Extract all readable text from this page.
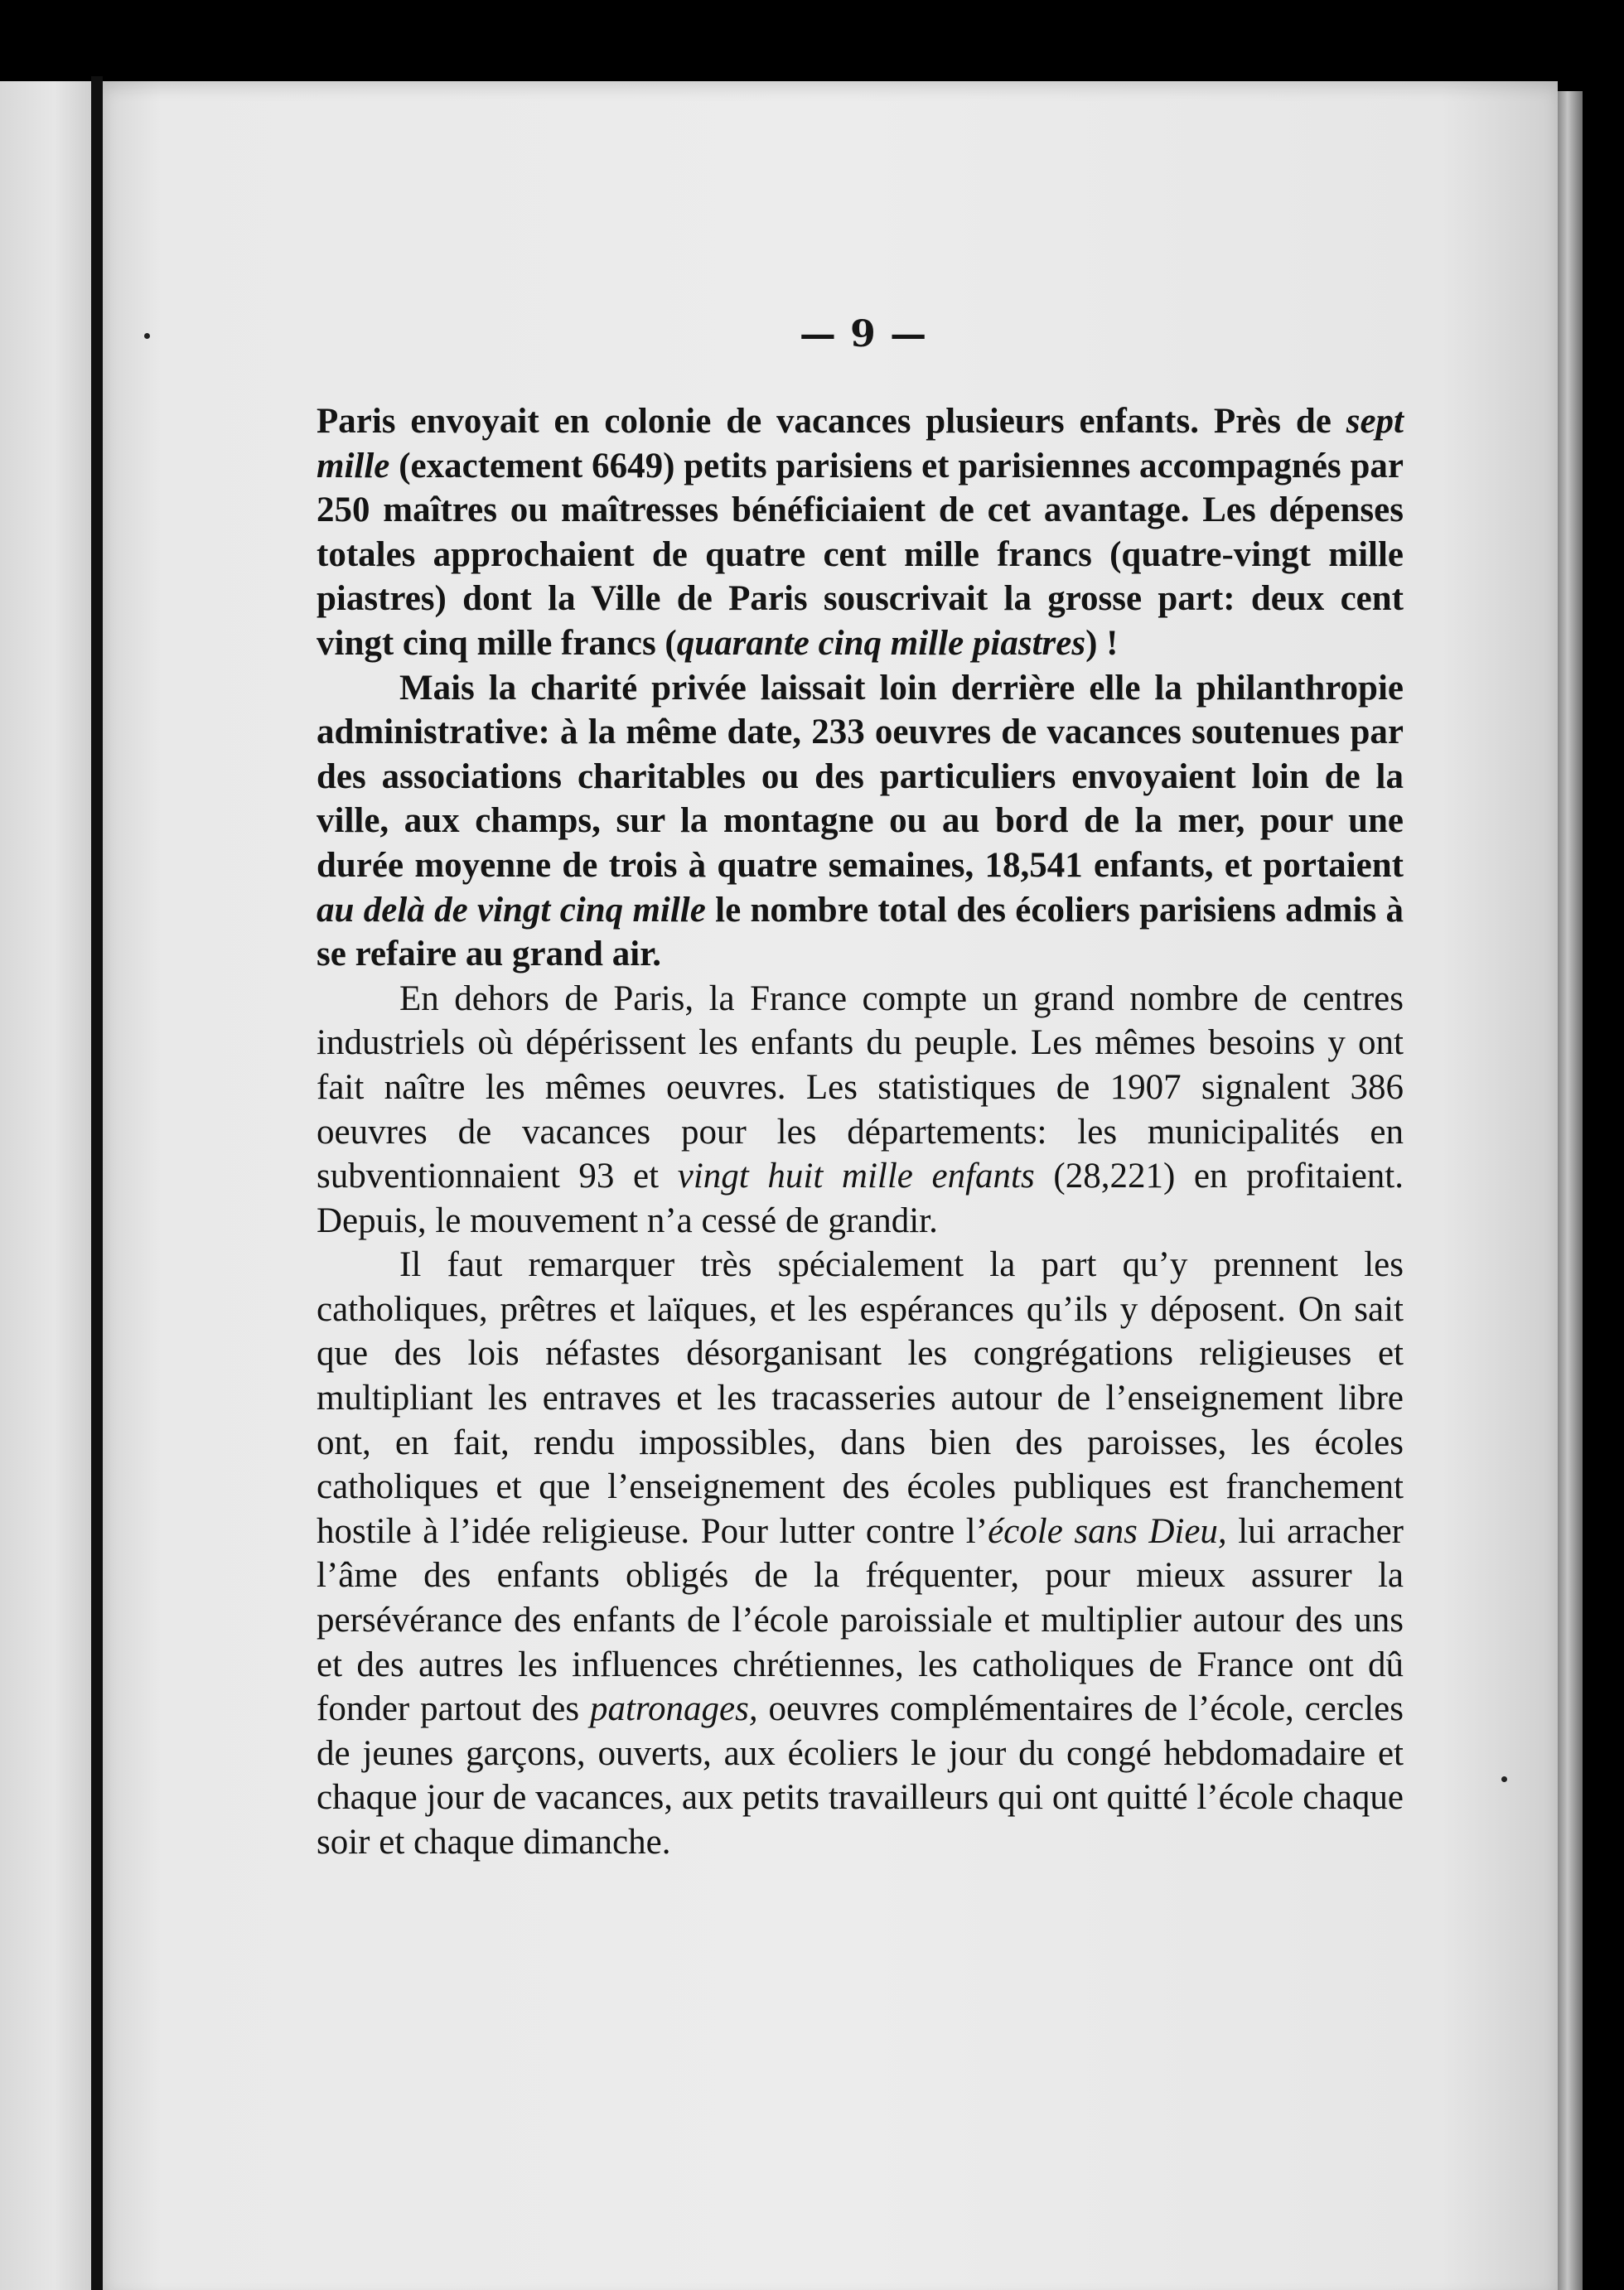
— 9 —

Paris envoyait en colonie de vacances plusieurs enfants. Près de sept mille (exactement 6649) petits parisiens et parisiennes accompagnés par 250 maîtres ou maîtresses bénéficiaient de cet avantage. Les dépenses totales approchaient de quatre cent mille francs (quatre-vingt mille piastres) dont la Ville de Paris souscrivait la grosse part: deux cent vingt cinq mille francs (quarante cinq mille piastres) !

Mais la charité privée laissait loin derrière elle la philanthropie administrative: à la même date, 233 oeuvres de vacances soutenues par des associations charitables ou des particuliers envoyaient loin de la ville, aux champs, sur la montagne ou au bord de la mer, pour une durée moyenne de trois à quatre semaines, 18,541 enfants, et portaient au delà de vingt cinq mille le nombre total des écoliers parisiens admis à se refaire au grand air.

En dehors de Paris, la France compte un grand nombre de centres industriels où dépérissent les enfants du peuple. Les mêmes besoins y ont fait naître les mêmes oeuvres. Les statistiques de 1907 signalent 386 oeuvres de vacances pour les départements: les municipalités en subventionnaient 93 et vingt huit mille enfants (28,221) en profitaient. Depuis, le mouvement n’a cessé de grandir.

Il faut remarquer très spécialement la part qu’y prennent les catholiques, prêtres et laïques, et les espérances qu’ils y déposent. On sait que des lois néfastes désorganisant les congrégations religieuses et multipliant les entraves et les tracasseries autour de l’enseignement libre ont, en fait, rendu impossibles, dans bien des paroisses, les écoles catholiques et que l’enseignement des écoles publiques est franchement hostile à l’idée religieuse. Pour lutter contre l’école sans Dieu, lui arracher l’âme des enfants obligés de la fréquenter, pour mieux assurer la persévérance des enfants de l’école paroissiale et multiplier autour des uns et des autres les influences chrétiennes, les catholiques de France ont dû fonder partout des patronages, oeuvres complémentaires de l’école, cercles de jeunes garçons, ouverts, aux écoliers le jour du congé hebdomadaire et chaque jour de vacances, aux petits travailleurs qui ont quitté l’école chaque soir et chaque dimanche.
